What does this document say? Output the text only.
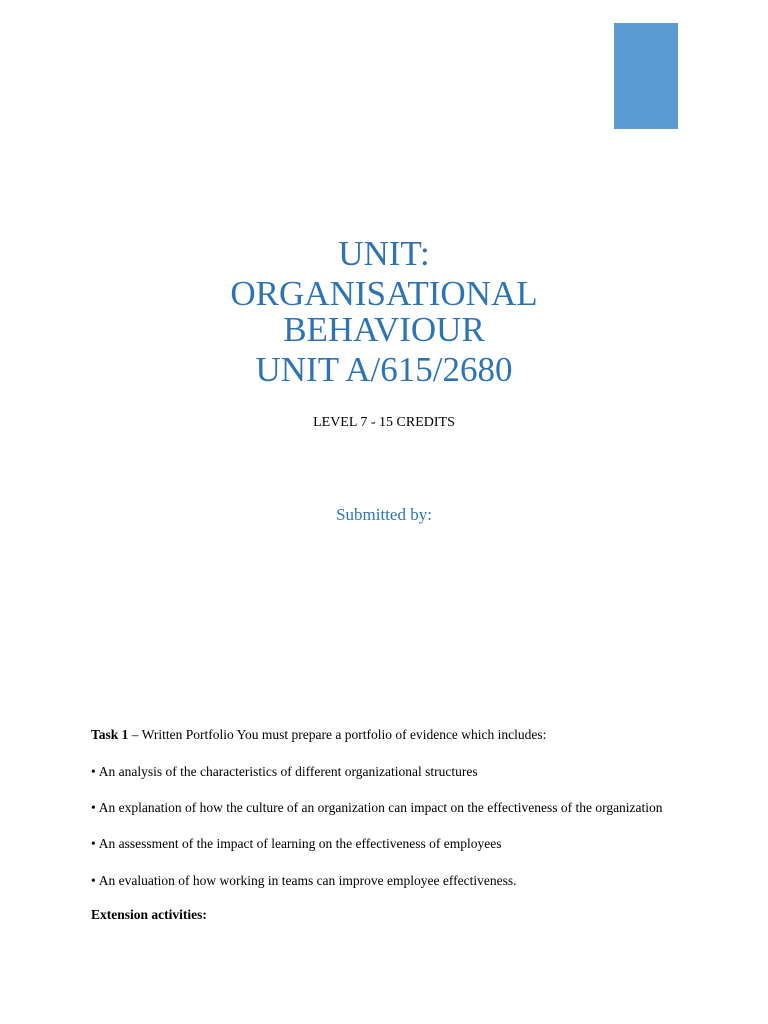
UNIT:
ORGANISATIONAL
BEHAVIOUR
UNIT A/615/2680
LEVEL 7 - 15 CREDITS
Submitted by:
Task 1 – Written Portfolio You must prepare a portfolio of evidence which includes:
• An analysis of the characteristics of different organizational structures
• An explanation of how the culture of an organization can impact on the effectiveness of the organization
• An assessment of the impact of learning on the effectiveness of employees
• An evaluation of how working in teams can improve employee effectiveness.
Extension activities:
